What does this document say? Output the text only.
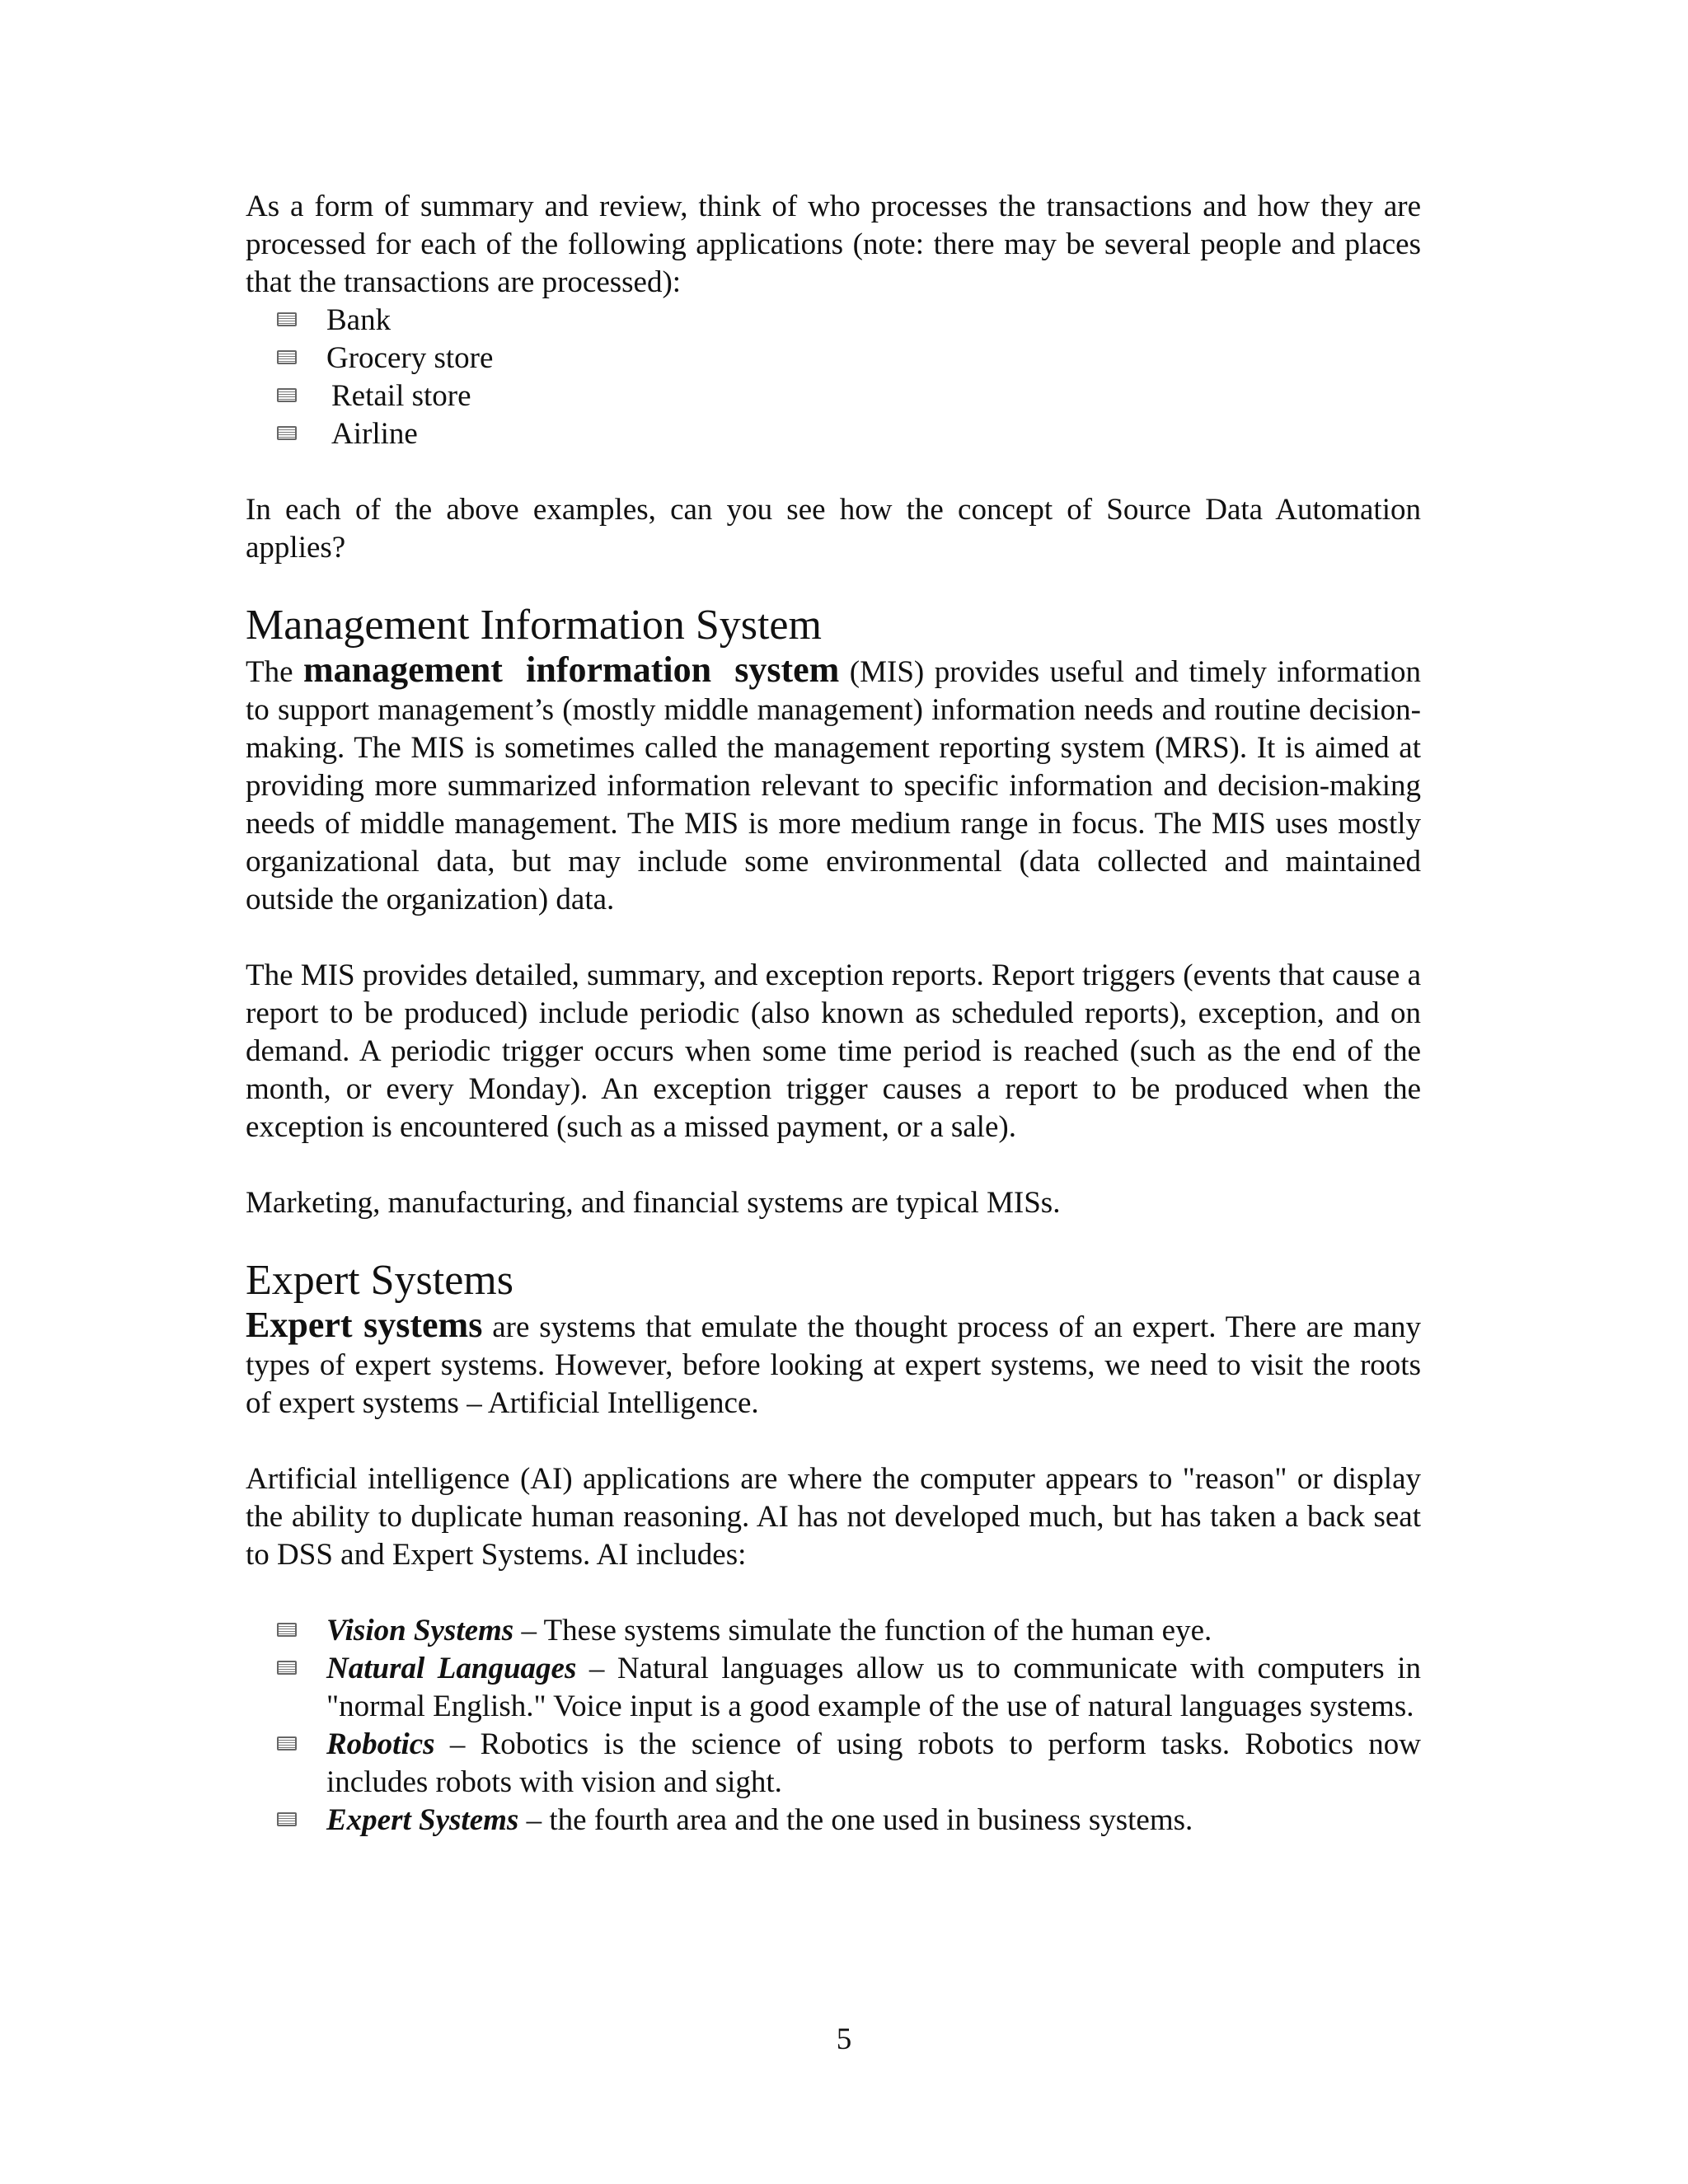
As a form of summary and review, think of who processes the transactions and how they are processed for each of the following applications (note: there may be several people and places that the transactions are processed):

Bank
Grocery store
Retail store
Airline

In each of the above examples, can you see how the concept of Source Data Automation applies?

Management Information System

The management information system (MIS) provides useful and timely information to support management’s (mostly middle management) information needs and routine decision-making. The MIS is sometimes called the management reporting system (MRS). It is aimed at providing more summarized information relevant to specific information and decision-making needs of middle management. The MIS is more medium range in focus. The MIS uses mostly organizational data, but may include some environmental (data collected and maintained outside the organization) data.

The MIS provides detailed, summary, and exception reports. Report triggers (events that cause a report to be produced) include periodic (also known as scheduled reports), exception, and on demand. A periodic trigger occurs when some time period is reached (such as the end of the month, or every Monday). An exception trigger causes a report to be produced when the exception is encountered (such as a missed payment, or a sale).

Marketing, manufacturing, and financial systems are typical MISs.

Expert Systems

Expert systems are systems that emulate the thought process of an expert. There are many types of expert systems. However, before looking at expert systems, we need to visit the roots of expert systems – Artificial Intelligence.

Artificial intelligence (AI) applications are where the computer appears to "reason" or display the ability to duplicate human reasoning. AI has not developed much, but has taken a back seat to DSS and Expert Systems. AI includes:

Vision Systems – These systems simulate the function of the human eye.
Natural Languages – Natural languages allow us to communicate with computers in "normal English." Voice input is a good example of the use of natural languages systems.
Robotics – Robotics is the science of using robots to perform tasks. Robotics now includes robots with vision and sight.
Expert Systems – the fourth area and the one used in business systems.
5
